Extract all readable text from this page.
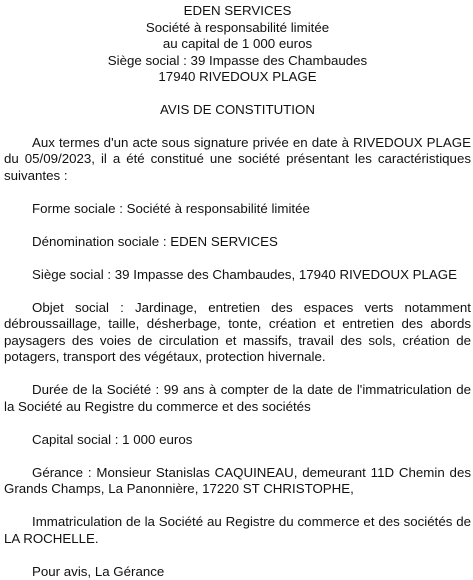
EDEN SERVICES
Société à responsabilité limitée
au capital de 1 000 euros
Siège social : 39 Impasse des Chambaudes
17940 RIVEDOUX PLAGE
AVIS DE CONSTITUTION

Aux termes d'un acte sous signature privée en date à RIVEDOUX PLAGE du 05/09/2023, il a été constitué une société présentant les caractéristiques suivantes :

Forme sociale : Société à responsabilité limitée

Dénomination sociale : EDEN SERVICES

Siège social : 39 Impasse des Chambaudes, 17940 RIVEDOUX PLAGE

Objet social : Jardinage, entretien des espaces verts notamment débroussaillage, taille, désherbage, tonte, création et entretien des abords paysagers des voies de circulation et massifs, travail des sols, création de potagers, transport des végétaux, protection hivernale.

Durée de la Société : 99 ans à compter de la date de l'immatriculation de la Société au Registre du commerce et des sociétés

Capital social : 1 000 euros

Gérance : Monsieur Stanislas CAQUINEAU, demeurant 11D Chemin des Grands Champs, La Panonnière, 17220 ST CHRISTOPHE,

Immatriculation de la Société au Registre du commerce et des sociétés de LA ROCHELLE.

Pour avis, La Gérance
